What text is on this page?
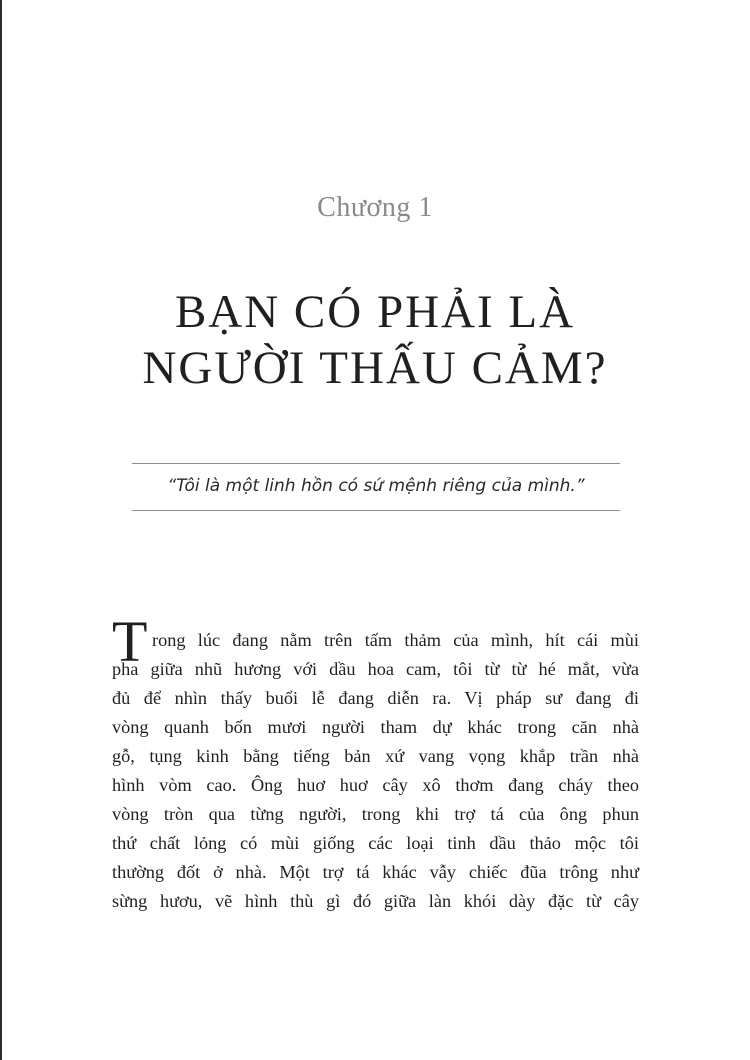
Chương 1
BẠN CÓ PHẢI LÀ
NGƯỜI THẤU CẢM?
“Tôi là một linh hồn có sứ mệnh riêng của mình.”
T rong lúc đang nằm trên tấm thảm của mình, hít cái mùi
pha giữa nhũ hương với dầu hoa cam, tôi từ từ hé mắt, vừa
đủ để nhìn thấy buổi lễ đang diễn ra. Vị pháp sư đang đi
vòng quanh bốn mươi người tham dự khác trong căn nhà
gỗ, tụng kinh bằng tiếng bản xứ vang vọng khắp trần nhà
hình vòm cao. Ông huơ huơ cây xô thơm đang cháy theo
vòng tròn qua từng người, trong khi trợ tá của ông phun
thứ chất lỏng có mùi giống các loại tinh dầu thảo mộc tôi
thường đốt ở nhà. Một trợ tá khác vẫy chiếc đũa trông như
sừng hươu, vẽ hình thù gì đó giữa làn khói dày đặc từ cây
